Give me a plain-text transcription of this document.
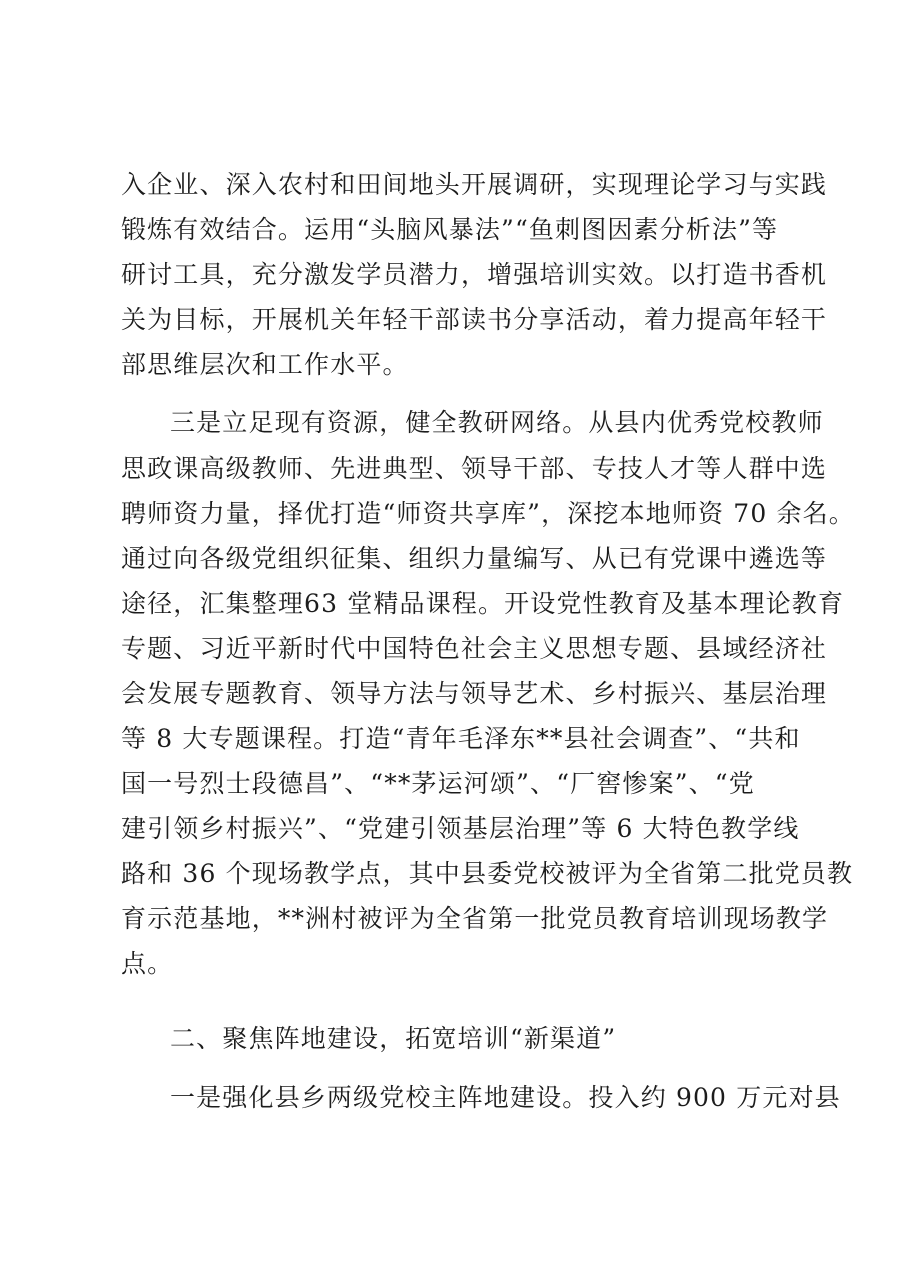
入企业、深入农村和田间地头开展调研，实现理论学习与实践

锻炼有效结合。运用“头脑风暴法”“鱼刺图因素分析法”等

研讨工具，充分激发学员潜力，增强培训实效。以打造书香机

关为目标，开展机关年轻干部读书分享活动，着力提高年轻干

部思维层次和工作水平。

三是立足现有资源，健全教研网络。从县内优秀党校教师

思政课高级教师、先进典型、领导干部、专技人才等人群中选

聘师资力量，择优打造“师资共享库”，深挖本地师资 70 余名。

通过向各级党组织征集、组织力量编写、从已有党课中遴选等

途径，汇集整理63 堂精品课程。开设党性教育及基本理论教育

专题、习近平新时代中国特色社会主义思想专题、县域经济社

会发展专题教育、领导方法与领导艺术、乡村振兴、基层治理

等 8 大专题课程。打造“青年毛泽东**县社会调查”、“共和

国一号烈士段德昌”、“**茅运河颂”、“厂窖惨案”、“党

建引领乡村振兴”、“党建引领基层治理”等 6 大特色教学线

路和 36 个现场教学点，其中县委党校被评为全省第二批党员教

育示范基地，**洲村被评为全省第一批党员教育培训现场教学

点。

二、聚焦阵地建设，拓宽培训“新渠道”

一是强化县乡两级党校主阵地建设。投入约 900 万元对县
